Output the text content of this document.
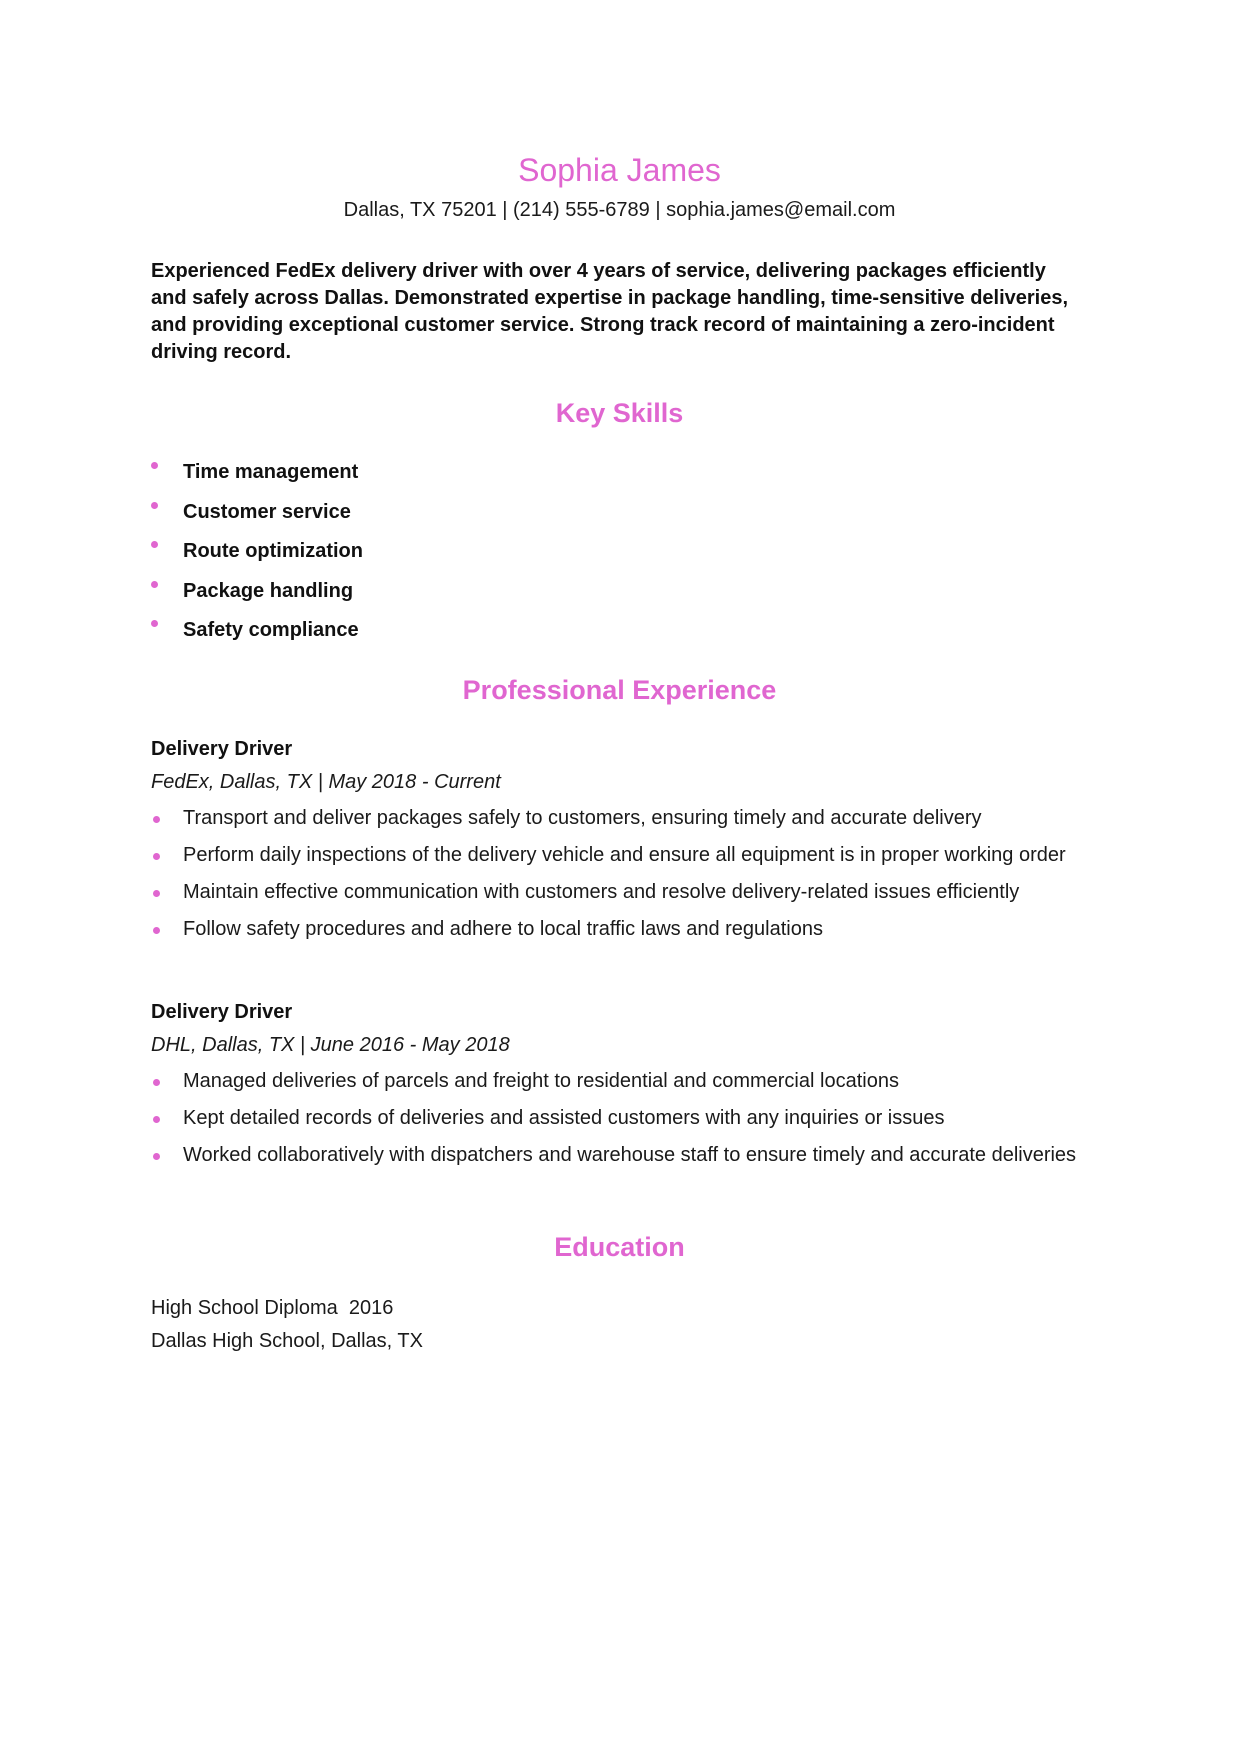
Sophia James
Dallas, TX 75201 | (214) 555-6789 | sophia.james@email.com

Experienced FedEx delivery driver with over 4 years of service, delivering packages efficiently and safely across Dallas. Demonstrated expertise in package handling, time-sensitive deliveries, and providing exceptional customer service. Strong track record of maintaining a zero-incident driving record.

Key Skills
Time management
Customer service
Route optimization
Package handling
Safety compliance
Professional Experience
Delivery Driver
FedEx, Dallas, TX | May 2018 - Current
Transport and deliver packages safely to customers, ensuring timely and accurate delivery
Perform daily inspections of the delivery vehicle and ensure all equipment is in proper working order
Maintain effective communication with customers and resolve delivery-related issues efficiently
Follow safety procedures and adhere to local traffic laws and regulations
Delivery Driver
DHL, Dallas, TX | June 2016 - May 2018
Managed deliveries of parcels and freight to residential and commercial locations
Kept detailed records of deliveries and assisted customers with any inquiries or issues
Worked collaboratively with dispatchers and warehouse staff to ensure timely and accurate deliveries
Education
High School Diploma  2016
Dallas High School, Dallas, TX
